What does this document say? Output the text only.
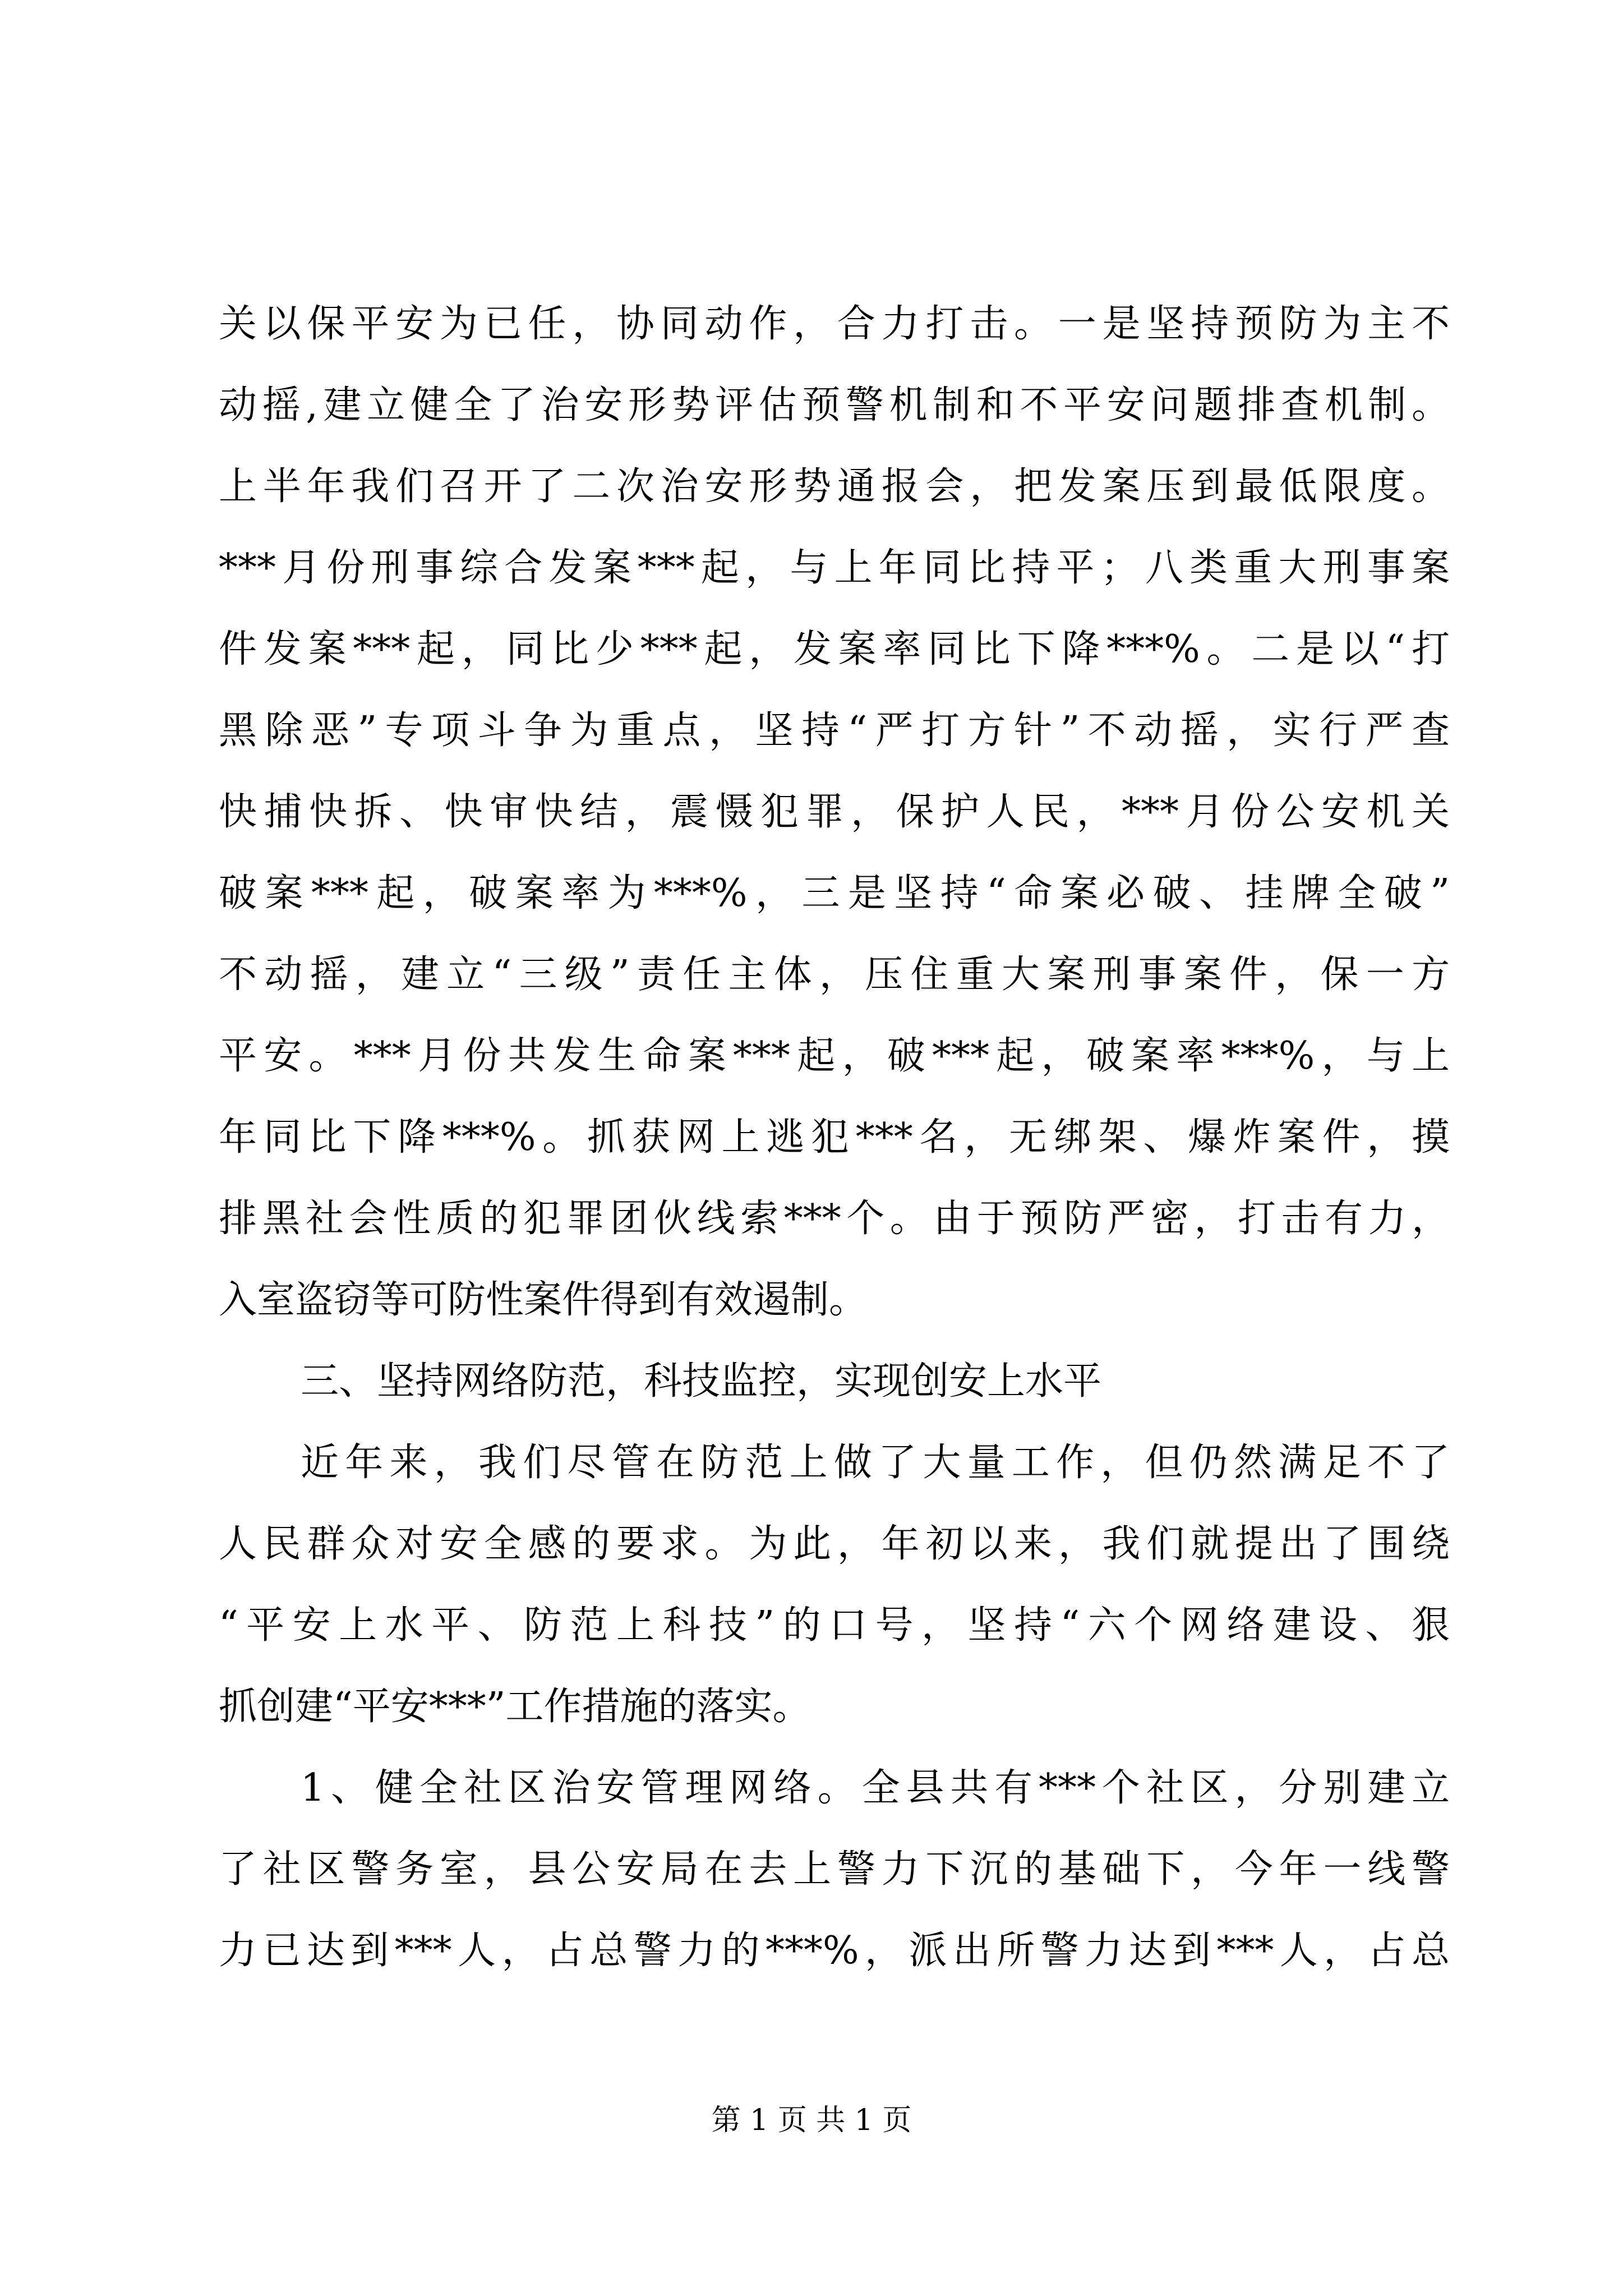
关以保平安为已任，协同动作，合力打击。一是坚持预防为主不
动摇,建立健全了治安形势评估预警机制和不平安问题排查机制。
上半年我们召开了二次治安形势通报会，把发案压到最低限度。
***月份刑事综合发案***起，与上年同比持平；八类重大刑事案
件发案***起，同比少***起，发案率同比下降***%。二是以“打
黑除恶”专项斗争为重点，坚持“严打方针”不动摇，实行严查
快捕快拆、快审快结，震慑犯罪，保护人民，***月份公安机关
破案***起，破案率为***%，三是坚持“命案必破、挂牌全破”
不动摇，建立“三级”责任主体，压住重大案刑事案件，保一方
平安。***月份共发生命案***起，破***起，破案率***%，与上
年同比下降***%。抓获网上逃犯***名，无绑架、爆炸案件，摸
排黑社会性质的犯罪团伙线索***个。由于预防严密，打击有力，
入室盗窃等可防性案件得到有效遏制。
三、坚持网络防范，科技监控，实现创安上水平
近年来，我们尽管在防范上做了大量工作，但仍然满足不了
人民群众对安全感的要求。为此，年初以来，我们就提出了围绕
“平安上水平、防范上科技”的口号，坚持“六个网络建设、狠
抓创建“平安***”工作措施的落实。
1、健全社区治安管理网络。全县共有***个社区，分别建立
了社区警务室，县公安局在去上警力下沉的基础下，今年一线警
力已达到***人，占总警力的***%，派出所警力达到***人，占总
第 1 页 共 1 页
